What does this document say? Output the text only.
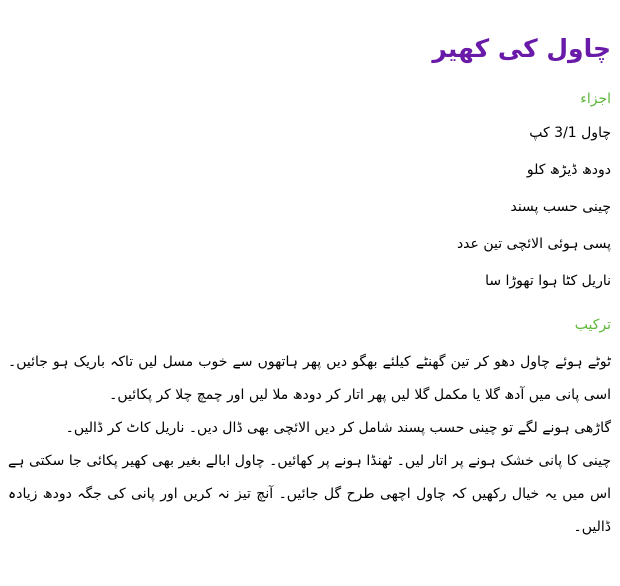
چاول کی کھیر
اجزاء
چاول 3/1 کپ
دودھ ڈیڑھ کلو
چینی حسب پسند
پسی ہوئی الائچی تین عدد
ناریل کٹا ہوا تھوڑا سا
ترکیب
ٹوٹے ہوئے چاول دھو کر تین گھنٹے کیلئے بھگو دیں پھر ہاتھوں سے خوب مسل لیں تاکہ باریک ہو جائیں۔ اسی پانی میں آدھ گلا یا مکمل گلا لیں پھر اتار کر دودھ ملا لیں اور چمچ چلا کر پکائیں۔
گاڑھی ہونے لگے تو چینی حسب پسند شامل کر دیں الائچی بھی ڈال دیں۔ ناریل کاٹ کر ڈالیں۔
چینی کا پانی خشک ہونے پر اتار لیں۔ ٹھنڈا ہونے پر کھائیں۔ چاول ابالے بغیر بھی کھیر پکائی جا سکتی ہے اس میں یہ خیال رکھیں کہ چاول اچھی طرح گل جائیں۔ آنچ تیز نہ کریں اور پانی کی جگہ دودھ زیادہ ڈالیں۔
